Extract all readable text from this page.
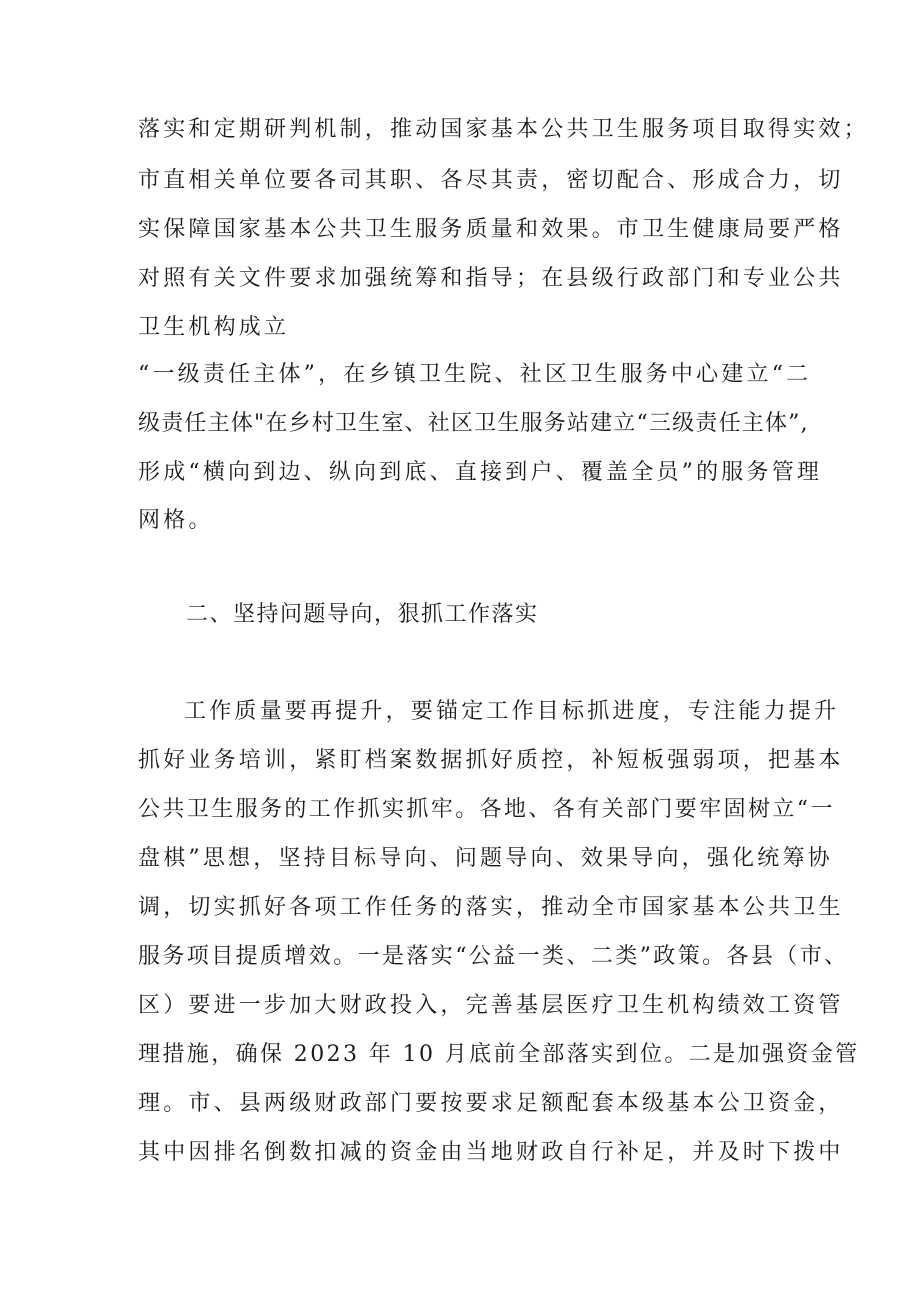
落实和定期研判机制，推动国家基本公共卫生服务项目取得实效；
市直相关单位要各司其职、各尽其责，密切配合、形成合力，切
实保障国家基本公共卫生服务质量和效果。市卫生健康局要严格
对照有关文件要求加强统筹和指导；在县级行政部门和专业公共
卫生机构成立
“一级责任主体”，在乡镇卫生院、社区卫生服务中心建立“二
级责任主体"在乡村卫生室、社区卫生服务站建立“三级责任主体”,
形成“横向到边、纵向到底、直接到户、覆盖全员”的服务管理
网格。
二、坚持问题导向，狠抓工作落实
工作质量要再提升，要锚定工作目标抓进度，专注能力提升
抓好业务培训，紧盯档案数据抓好质控，补短板强弱项，把基本
公共卫生服务的工作抓实抓牢。各地、各有关部门要牢固树立“一
盘棋”思想，坚持目标导向、问题导向、效果导向，强化统筹协
调，切实抓好各项工作任务的落实，推动全市国家基本公共卫生
服务项目提质增效。一是落实“公益一类、二类”政策。各县（市、
区）要进一步加大财政投入，完善基层医疗卫生机构绩效工资管
理措施，确保 2023 年 10 月底前全部落实到位。二是加强资金管
理。市、县两级财政部门要按要求足额配套本级基本公卫资金，
其中因排名倒数扣减的资金由当地财政自行补足，并及时下拨中
